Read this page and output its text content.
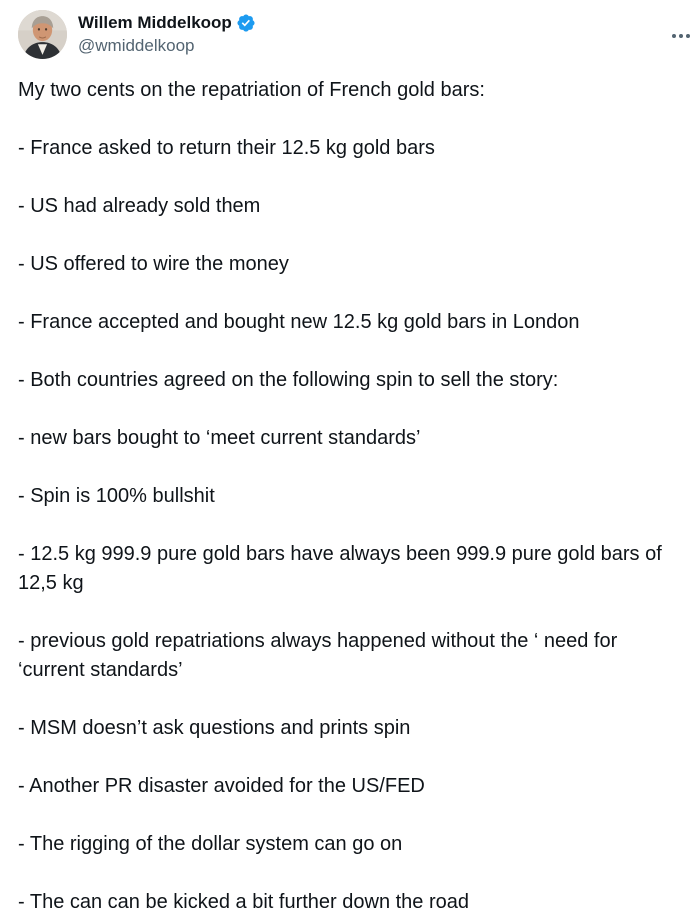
Willem Middelkoop
@wmiddelkoop

My two cents on the repatriation of French gold bars:

- France asked to return their 12.5 kg gold bars

- US had already sold them

- US offered to wire the money

- France accepted and bought new 12.5 kg gold bars in London

- Both countries agreed on the following spin to sell the story:

- new bars bought to ‘meet current standards’

- Spin is 100% bullshit

- 12.5 kg 999.9 pure gold bars have always been 999.9 pure gold bars of 12,5 kg

- previous gold repatriations always happened without the ‘ need for ‘current standards’

- MSM doesn’t ask questions and prints spin

- Another PR disaster avoided for the US/FED

- The rigging of the dollar system can go on

- The can can be kicked a bit further down the road
